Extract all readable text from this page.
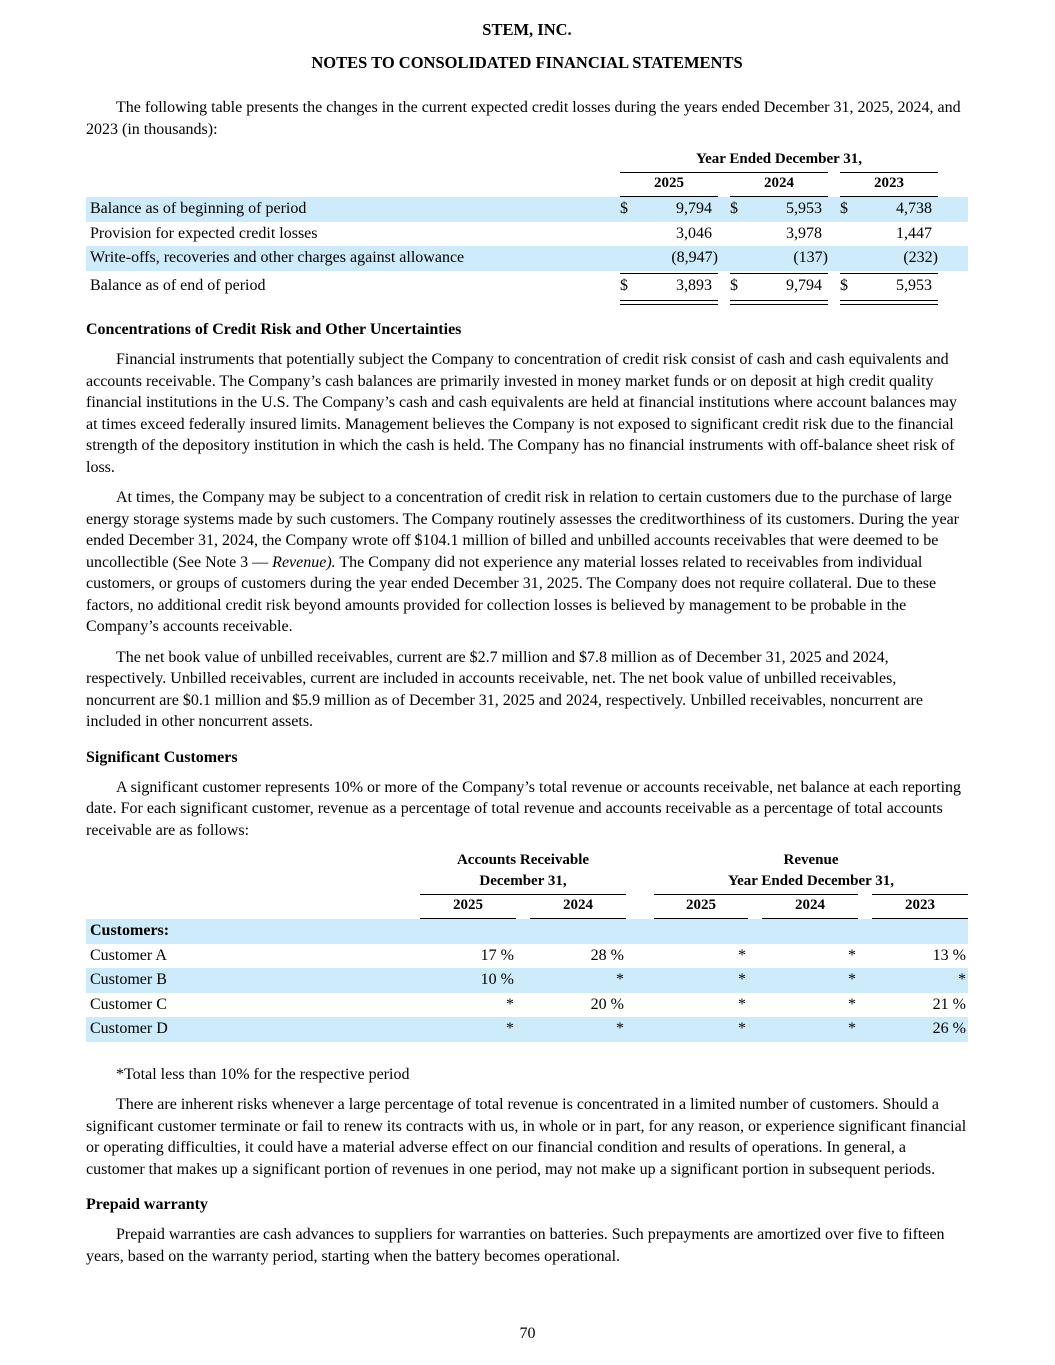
STEM, INC.
NOTES TO CONSOLIDATED FINANCIAL STATEMENTS

The following table presents the changes in the current expected credit losses during the years ended December 31, 2025, 2024, and 2023 (in thousands):

Year Ended December 31,
2025	2024	2023
Balance as of beginning of period	$	9,794	$	5,953	$	4,738
Provision for expected credit losses	3,046	3,978	1,447
Write-offs, recoveries and other charges against allowance	(8,947)	(137)	(232)
Balance as of end of period	$	3,893	$	9,794	$	5,953
Concentrations of Credit Risk and Other Uncertainties

Financial instruments that potentially subject the Company to concentration of credit risk consist of cash and cash equivalents and accounts receivable. The Company’s cash balances are primarily invested in money market funds or on deposit at high credit quality financial institutions in the U.S. The Company’s cash and cash equivalents are held at financial institutions where account balances may at times exceed federally insured limits. Management believes the Company is not exposed to significant credit risk due to the financial strength of the depository institution in which the cash is held. The Company has no financial instruments with off-balance sheet risk of loss.

At times, the Company may be subject to a concentration of credit risk in relation to certain customers due to the purchase of large energy storage systems made by such customers. The Company routinely assesses the creditworthiness of its customers. During the year ended December 31, 2024, the Company wrote off $104.1 million of billed and unbilled accounts receivables that were deemed to be uncollectible (See Note 3 — Revenue). The Company did not experience any material losses related to receivables from individual customers, or groups of customers during the year ended December 31, 2025. The Company does not require collateral. Due to these factors, no additional credit risk beyond amounts provided for collection losses is believed by management to be probable in the Company’s accounts receivable.

The net book value of unbilled receivables, current are $2.7 million and $7.8 million as of December 31, 2025 and 2024, respectively. Unbilled receivables, current are included in accounts receivable, net. The net book value of unbilled receivables, noncurrent are $0.1 million and $5.9 million as of December 31, 2025 and 2024, respectively. Unbilled receivables, noncurrent are included in other noncurrent assets.

Significant Customers

A significant customer represents 10% or more of the Company’s total revenue or accounts receivable, net balance at each reporting date. For each significant customer, revenue as a percentage of total revenue and accounts receivable as a percentage of total accounts receivable are as follows:

Accounts Receivable	Revenue
December 31,	Year Ended December 31,
2025	2024	2025	2024	2023
Customers:
Customer A	17 %	28 %	*	*	13 %
Customer B	10 %	*	*	*	*
Customer C	*	20 %	*	*	21 %
Customer D	*	*	*	*	26 %

*Total less than 10% for the respective period

There are inherent risks whenever a large percentage of total revenue is concentrated in a limited number of customers. Should a significant customer terminate or fail to renew its contracts with us, in whole or in part, for any reason, or experience significant financial or operating difficulties, it could have a material adverse effect on our financial condition and results of operations. In general, a customer that makes up a significant portion of revenues in one period, may not make up a significant portion in subsequent periods.

Prepaid warranty

Prepaid warranties are cash advances to suppliers for warranties on batteries. Such prepayments are amortized over five to fifteen years, based on the warranty period, starting when the battery becomes operational.

70
